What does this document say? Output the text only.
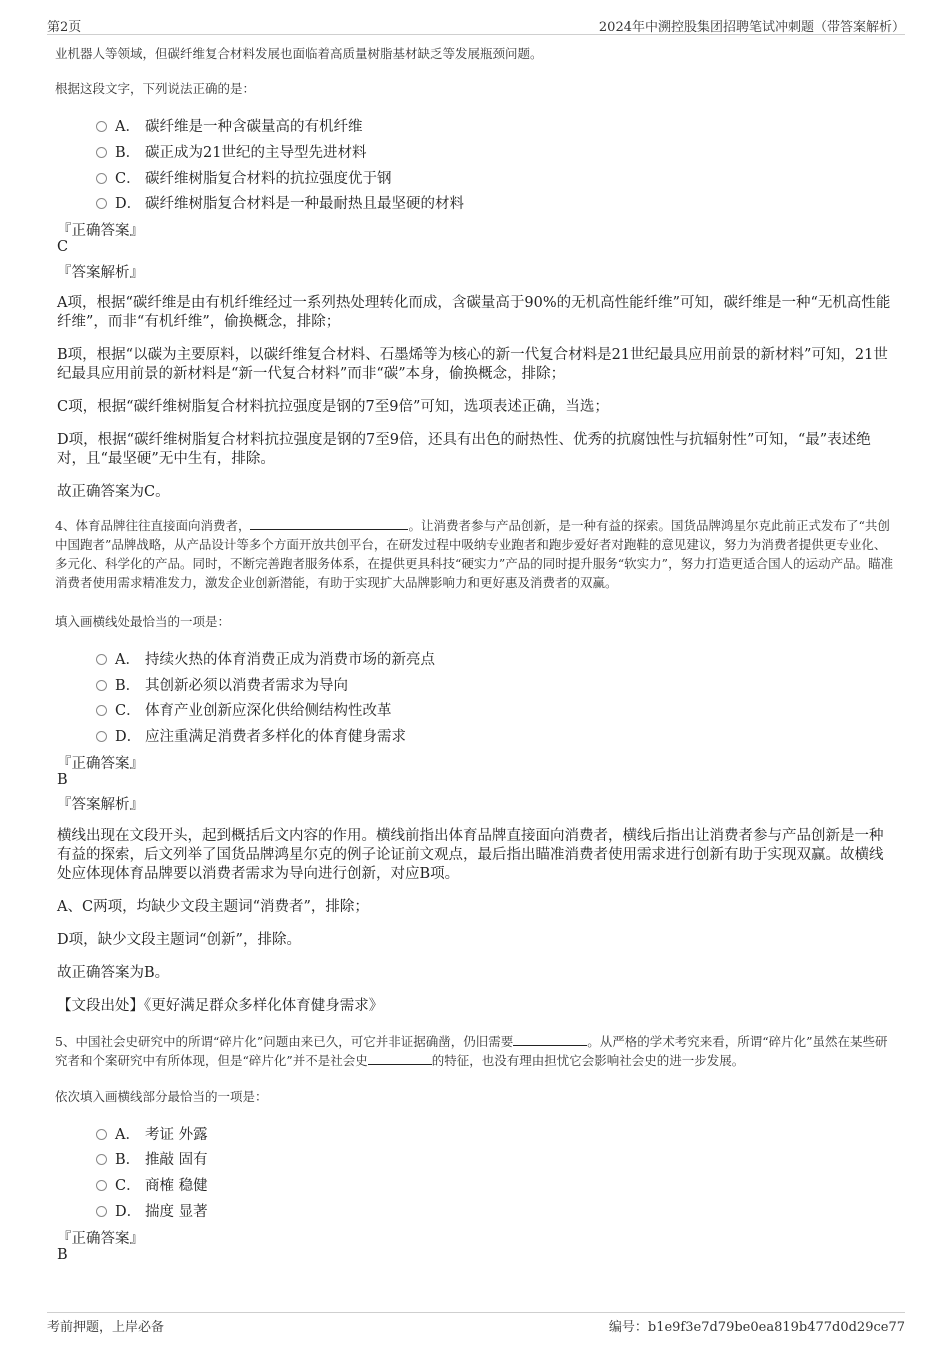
第2页	2024年中溯控股集团招聘笔试冲刺题（带答案解析）
业机器人等领域，但碳纤维复合材料发展也面临着高质量树脂基材缺乏等发展瓶颈问题。
根据这段文字，下列说法正确的是：
A． 碳纤维是一种含碳量高的有机纤维
B． 碳正成为21世纪的主导型先进材料
C． 碳纤维树脂复合材料的抗拉强度优于钢
D． 碳纤维树脂复合材料是一种最耐热且最坚硬的材料
『正确答案』
C
『答案解析』
A项，根据“碳纤维是由有机纤维经过一系列热处理转化而成，含碳量高于90%的无机高性能纤维”可知，碳纤维是一种“无机高性能纤维”，而非“有机纤维”，偷换概念，排除；
B项，根据“以碳为主要原料，以碳纤维复合材料、石墨烯等为核心的新一代复合材料是21世纪最具应用前景的新材料”可知，21世纪最具应用前景的新材料是“新一代复合材料”而非“碳”本身，偷换概念，排除；
C项，根据“碳纤维树脂复合材料抗拉强度是钢的7至9倍”可知，选项表述正确，当选；
D项，根据“碳纤维树脂复合材料抗拉强度是钢的7至9倍，还具有出色的耐热性、优秀的抗腐蚀性与抗辐射性”可知，“最”表述绝对，且“最坚硬”无中生有，排除。
故正确答案为C。
4、体育品牌往往直接面向消费者，	。让消费者参与产品创新，是一种有益的探索。国货品牌鸿星尔克此前正式发布了“共创中国跑者”品牌战略，从产品设计等多个方面开放共创平台，在研发过程中吸纳专业跑者和跑步爱好者对跑鞋的意见建议，努力为消费者提供更专业化、多元化、科学化的产品。同时，不断完善跑者服务体系，在提供更具科技“硬实力”产品的同时提升服务“软实力”，努力打造更适合国人的运动产品。瞄准消费者使用需求精准发力，激发企业创新潜能，有助于实现扩大品牌影响力和更好惠及消费者的双赢。
填入画横线处最恰当的一项是：
A． 持续火热的体育消费正成为消费市场的新亮点
B． 其创新必须以消费者需求为导向
C． 体育产业创新应深化供给侧结构性改革
D． 应注重满足消费者多样化的体育健身需求
『正确答案』
B
『答案解析』
横线出现在文段开头，起到概括后文内容的作用。横线前指出体育品牌直接面向消费者，横线后指出让消费者参与产品创新是一种有益的探索，后文列举了国货品牌鸿星尔克的例子论证前文观点，最后指出瞄准消费者使用需求进行创新有助于实现双赢。故横线处应体现体育品牌要以消费者需求为导向进行创新，对应B项。
A、C两项，均缺少文段主题词“消费者”，排除；
D项，缺少文段主题词“创新”，排除。
故正确答案为B。
【文段出处】《更好满足群众多样化体育健身需求》
5、中国社会史研究中的所谓“碎片化”问题由来已久，可它并非证据确凿，仍旧需要	。从严格的学术考究来看，所谓“碎片化”虽然在某些研究者和个案研究中有所体现，但是“碎片化”并不是社会史	的特征，也没有理由担忧它会影响社会史的进一步发展。
依次填入画横线部分最恰当的一项是：
A． 考证 外露
B． 推敲 固有
C． 商榷 稳健
D． 揣度 显著
『正确答案』
B
考前押题，上岸必备	编号：b1e9f3e7d79be0ea819b477d0d29ce77
